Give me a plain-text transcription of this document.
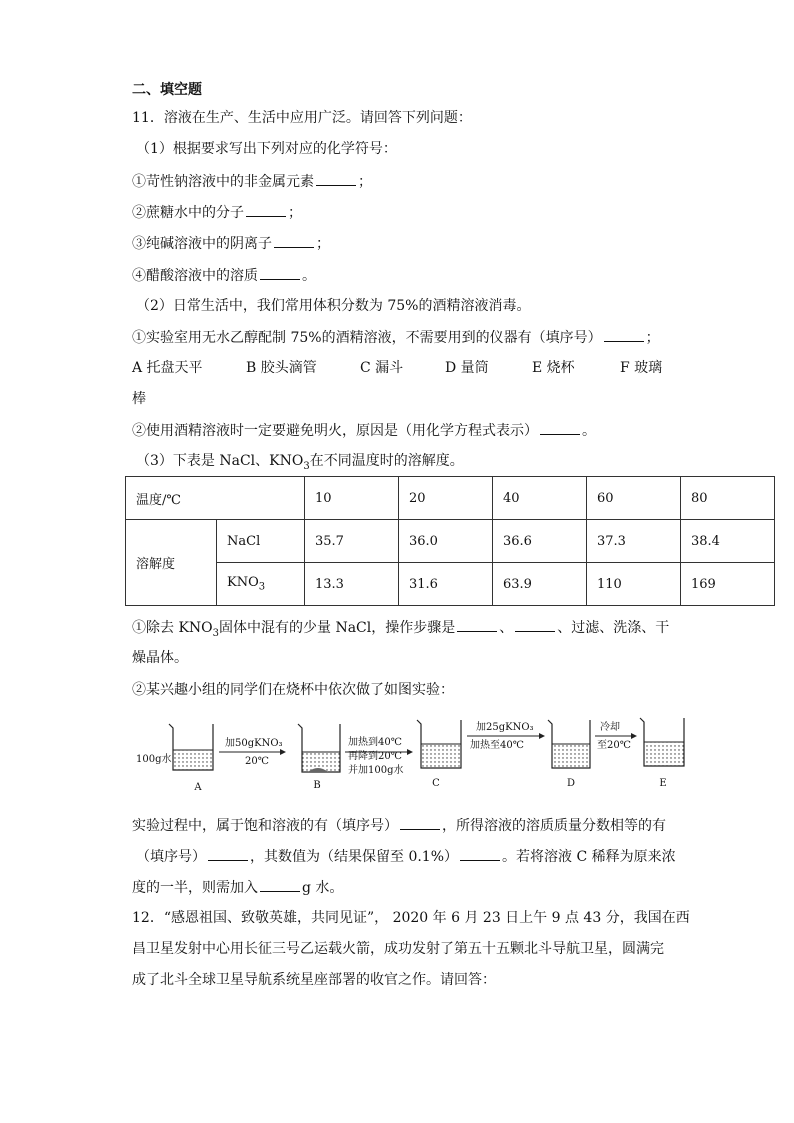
二、填空题
11．溶液在生产、生活中应用广泛。请回答下列问题：
（1）根据要求写出下列对应的化学符号：
①苛性钠溶液中的非金属元素	；
②蔗糖水中的分子	；
③纯碱溶液中的阴离子	；
④醋酸溶液中的溶质	。
（2）日常生活中，我们常用体积分数为 75%的酒精溶液消毒。
①实验室用无水乙醇配制 75%的酒精溶液，不需要用到的仪器有（填序号）	；
A 托盘天平	B 胶头滴管	C 漏斗	D 量筒	E 烧杯	F 玻璃
棒
②使用酒精溶液时一定要避免明火，原因是（用化学方程式表示）	。
（3）下表是 NaCl、$KNO_3$在不同温度时的溶解度。
温度/℃		10	20	40	60	80
溶解度	NaCl	35.7	36.0	36.6	37.3	38.4
	$KNO_3$	13.3	31.6	63.9	110	169
①除去 $KNO_3$固体中混有的少量 NaCl，操作步骤是	、	、过滤、洗涤、干
燥晶体。
②某兴趣小组的同学们在烧杯中依次做了如图实验：
100g水
加50gKNO₃
20℃
加热到40℃
再降到20℃
并加100g水
加25gKNO₃
加热至40℃
冷却
至20℃
A	B	C	D	E
实验过程中，属于饱和溶液的有（填序号）	，所得溶液的溶质质量分数相等的有
（填序号）	，其数值为（结果保留至 0.1%）	。若将溶液 C 稀释为原来浓
度的一半，则需加入	g 水。
12．“感恩祖国、致敬英雄，共同见证”， 2020 年 6 月 23 日上午 9 点 43 分，我国在西
昌卫星发射中心用长征三号乙运载火箭，成功发射了第五十五颗北斗导航卫星，圆满完
成了北斗全球卫星导航系统星座部署的收官之作。请回答：
